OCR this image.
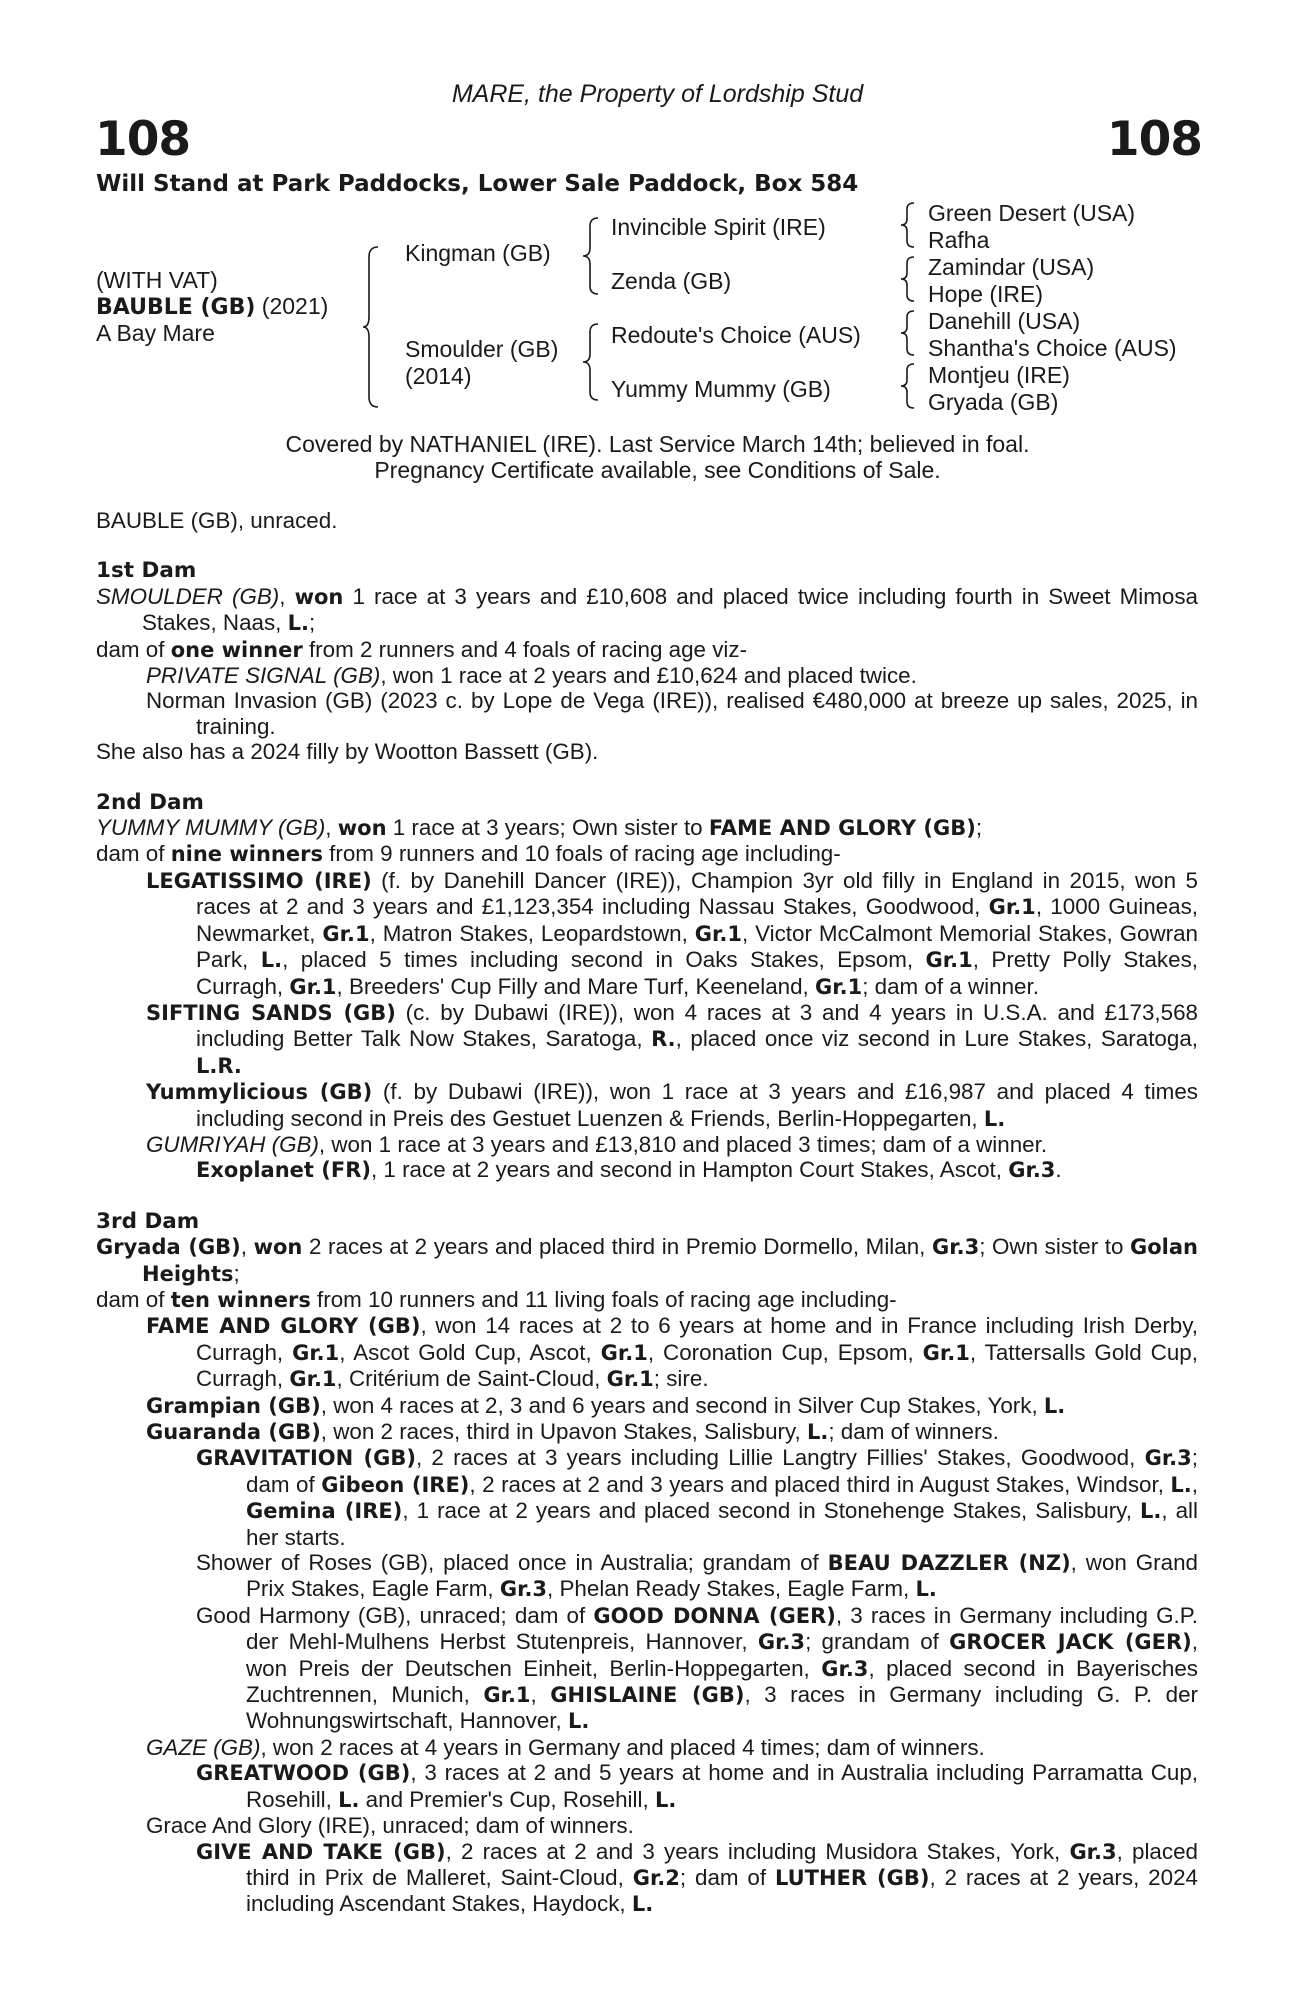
MARE, the Property of Lordship Stud
108	108
Will Stand at Park Paddocks, Lower Sale Paddock, Box 584
(WITH VAT)
BAUBLE (GB) (2021)
A Bay Mare
Kingman (GB)
Smoulder (GB)
(2014)
Invincible Spirit (IRE)
Zenda (GB)
Redoute's Choice (AUS)
Yummy Mummy (GB)
Green Desert (USA)
Rafha
Zamindar (USA)
Hope (IRE)
Danehill (USA)
Shantha's Choice (AUS)
Montjeu (IRE)
Gryada (GB)
Covered by NATHANIEL (IRE). Last Service March 14th; believed in foal.
Pregnancy Certificate available, see Conditions of Sale.

BAUBLE (GB), unraced.

1st Dam

SMOULDER (GB), won 1 race at 3 years and £10,608 and placed twice including fourth in Sweet Mimosa Stakes, Naas, L.;

dam of one winner from 2 runners and 4 foals of racing age viz-

PRIVATE SIGNAL (GB), won 1 race at 2 years and £10,624 and placed twice.

Norman Invasion (GB) (2023 c. by Lope de Vega (IRE)), realised €480,000 at breeze up sales, 2025, in training.

She also has a 2024 filly by Wootton Bassett (GB).

2nd Dam

YUMMY MUMMY (GB), won 1 race at 3 years; Own sister to FAME AND GLORY (GB);

dam of nine winners from 9 runners and 10 foals of racing age including-

LEGATISSIMO (IRE) (f. by Danehill Dancer (IRE)), Champion 3yr old filly in England in 2015, won 5 races at 2 and 3 years and £1,123,354 including Nassau Stakes, Goodwood, Gr.1, 1000 Guineas, Newmarket, Gr.1, Matron Stakes, Leopardstown, Gr.1, Victor McCalmont Memorial Stakes, Gowran Park, L., placed 5 times including second in Oaks Stakes, Epsom, Gr.1, Pretty Polly Stakes, Curragh, Gr.1, Breeders' Cup Filly and Mare Turf, Keeneland, Gr.1; dam of a winner.

SIFTING SANDS (GB) (c. by Dubawi (IRE)), won 4 races at 3 and 4 years in U.S.A. and £173,568 including Better Talk Now Stakes, Saratoga, R., placed once viz second in Lure Stakes, Saratoga, L.R.

Yummylicious (GB) (f. by Dubawi (IRE)), won 1 race at 3 years and £16,987 and placed 4 times including second in Preis des Gestuet Luenzen & Friends, Berlin-Hoppegarten, L.

GUMRIYAH (GB), won 1 race at 3 years and £13,810 and placed 3 times; dam of a winner.

Exoplanet (FR), 1 race at 2 years and second in Hampton Court Stakes, Ascot, Gr.3.

3rd Dam

Gryada (GB), won 2 races at 2 years and placed third in Premio Dormello, Milan, Gr.3; Own sister to Golan Heights;

dam of ten winners from 10 runners and 11 living foals of racing age including-

FAME AND GLORY (GB), won 14 races at 2 to 6 years at home and in France including Irish Derby, Curragh, Gr.1, Ascot Gold Cup, Ascot, Gr.1, Coronation Cup, Epsom, Gr.1, Tattersalls Gold Cup, Curragh, Gr.1, Critérium de Saint-Cloud, Gr.1; sire.

Grampian (GB), won 4 races at 2, 3 and 6 years and second in Silver Cup Stakes, York, L.

Guaranda (GB), won 2 races, third in Upavon Stakes, Salisbury, L.; dam of winners.

GRAVITATION (GB), 2 races at 3 years including Lillie Langtry Fillies' Stakes, Goodwood, Gr.3; dam of Gibeon (IRE), 2 races at 2 and 3 years and placed third in August Stakes, Windsor, L., Gemina (IRE), 1 race at 2 years and placed second in Stonehenge Stakes, Salisbury, L., all her starts.

Shower of Roses (GB), placed once in Australia; grandam of BEAU DAZZLER (NZ), won Grand Prix Stakes, Eagle Farm, Gr.3, Phelan Ready Stakes, Eagle Farm, L.

Good Harmony (GB), unraced; dam of GOOD DONNA (GER), 3 races in Germany including G.P. der Mehl-Mulhens Herbst Stutenpreis, Hannover, Gr.3; grandam of GROCER JACK (GER), won Preis der Deutschen Einheit, Berlin-Hoppegarten, Gr.3, placed second in Bayerisches Zuchtrennen, Munich, Gr.1, GHISLAINE (GB), 3 races in Germany including G. P. der Wohnungswirtschaft, Hannover, L.

GAZE (GB), won 2 races at 4 years in Germany and placed 4 times; dam of winners.

GREATWOOD (GB), 3 races at 2 and 5 years at home and in Australia including Parramatta Cup, Rosehill, L. and Premier's Cup, Rosehill, L.

Grace And Glory (IRE), unraced; dam of winners.

GIVE AND TAKE (GB), 2 races at 2 and 3 years including Musidora Stakes, York, Gr.3, placed third in Prix de Malleret, Saint-Cloud, Gr.2; dam of LUTHER (GB), 2 races at 2 years, 2024 including Ascendant Stakes, Haydock, L.
